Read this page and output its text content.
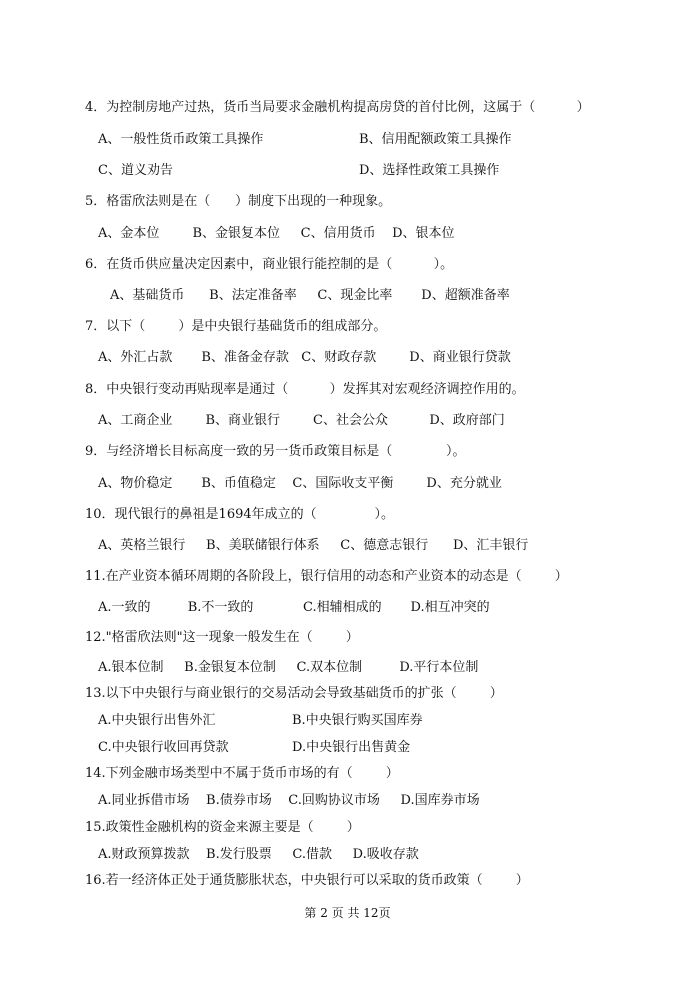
4．为控制房地产过热，货币当局要求金融机构提高房贷的首付比例，这属于（          ）
A、一般性货币政策工具操作	B、信用配额政策工具操作
C、道义劝告	D、选择性政策工具操作
5．格雷欣法则是在（      ）制度下出现的一种现象。
A、金本位        B、金银复本位     C、信用货币    D、银本位
6．在货币供应量决定因素中，商业银行能控制的是（          ）。
A、基础货币      B、法定准备率     C、现金比率       D、超额准备率
7．以下（        ）是中央银行基础货币的组成部分。
A、外汇占款       B、准备金存款   C、财政存款        D、商业银行贷款
8．中央银行变动再贴现率是通过（          ）发挥其对宏观经济调控作用的。
A、工商企业        B、商业银行        C、社会公众          D、政府部门
9．与经济增长目标高度一致的另一货币政策目标是（             ）。
A、物价稳定       B、币值稳定    C、国际收支平衡        D、充分就业
10．现代银行的鼻祖是1694年成立的（              ）。
A、英格兰银行     B、美联储银行体系     C、德意志银行      D、汇丰银行
11.在产业资本循环周期的各阶段上，银行信用的动态和产业资本的动态是（        ）
A.一致的         B.不一致的            C.相辅相成的       D.相互冲突的
12."格雷欣法则"这一现象一般发生在（        ）
A.银本位制     B.金银复本位制     C.双本位制         D.平行本位制
13.以下中央银行与商业银行的交易活动会导致基础货币的扩张（        ）
A.中央银行出售外汇	B.中央银行购买国库券
C.中央银行收回再贷款	D.中央银行出售黄金
14.下列金融市场类型中不属于货币市场的有（        ）
A.同业拆借市场    B.债券市场    C.回购协议市场     D.国库券市场
15.政策性金融机构的资金来源主要是（        ）
A.财政预算拨款    B.发行股票     C.借款     D.吸收存款
16.若一经济体正处于通货膨胀状态，中央银行可以采取的货币政策（        ）
第 2 页 共 12页
